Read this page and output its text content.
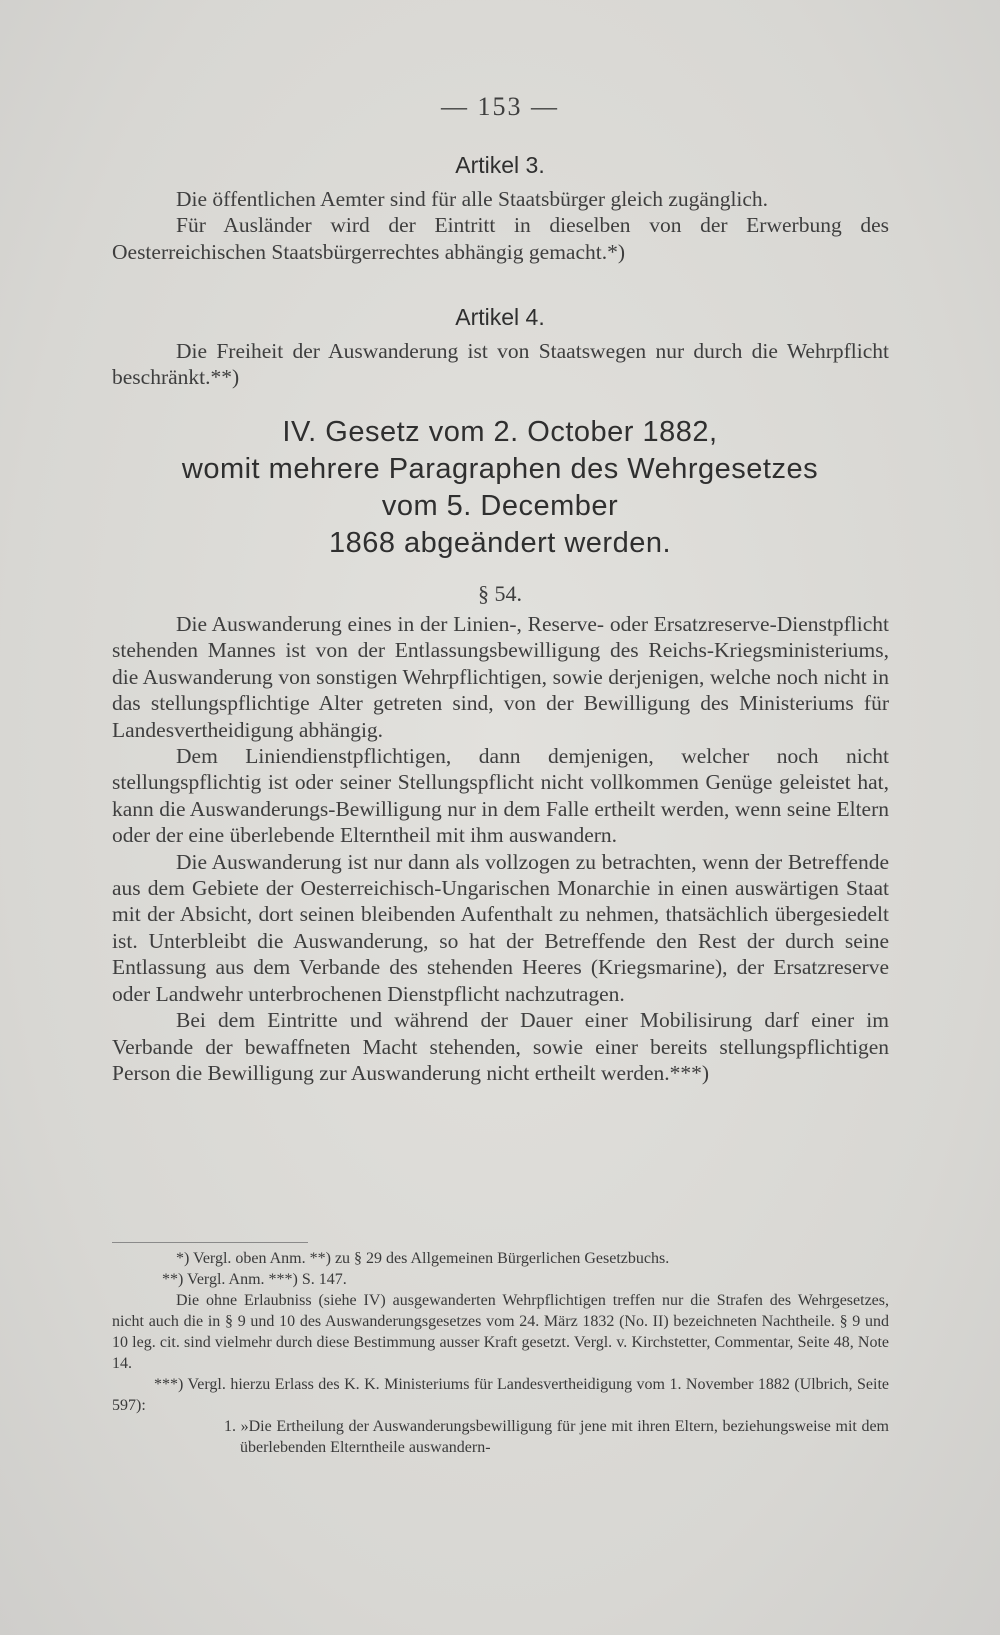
— 153 —
Artikel 3.

Die öffentlichen Aemter sind für alle Staatsbürger gleich zugänglich.

Für Ausländer wird der Eintritt in dieselben von der Erwerbung des Oesterreichischen Staatsbürgerrechtes abhängig gemacht.*)

Artikel 4.

Die Freiheit der Auswanderung ist von Staatswegen nur durch die Wehrpflicht beschränkt.**)

IV. Gesetz vom 2. October 1882,
womit mehrere Paragraphen des Wehrgesetzes
vom 5. December
1868 abgeändert werden.
§ 54.

Die Auswanderung eines in der Linien-, Reserve- oder Ersatzreserve-Dienstpflicht stehenden Mannes ist von der Entlassungsbewilligung des Reichs-Kriegsministeriums, die Auswanderung von sonstigen Wehrpflichtigen, sowie derjenigen, welche noch nicht in das stellungspflichtige Alter getreten sind, von der Bewilligung des Ministeriums für Landesvertheidigung abhängig.

Dem Liniendienstpflichtigen, dann demjenigen, welcher noch nicht stellungspflichtig ist oder seiner Stellungspflicht nicht vollkommen Genüge geleistet hat, kann die Auswanderungs-Bewilligung nur in dem Falle ertheilt werden, wenn seine Eltern oder der eine überlebende Elterntheil mit ihm auswandern.

Die Auswanderung ist nur dann als vollzogen zu betrachten, wenn der Betreffende aus dem Gebiete der Oesterreichisch-Ungarischen Monarchie in einen auswärtigen Staat mit der Absicht, dort seinen bleibenden Aufenthalt zu nehmen, thatsächlich übergesiedelt ist. Unterbleibt die Auswanderung, so hat der Betreffende den Rest der durch seine Entlassung aus dem Verbande des stehenden Heeres (Kriegsmarine), der Ersatzreserve oder Landwehr unterbrochenen Dienstpflicht nachzutragen.

Bei dem Eintritte und während der Dauer einer Mobilisirung darf einer im Verbande der bewaffneten Macht stehenden, sowie einer bereits stellungspflichtigen Person die Bewilligung zur Auswanderung nicht ertheilt werden.***)

*) Vergl. oben Anm. **) zu § 29 des Allgemeinen Bürgerlichen Gesetzbuchs.

**) Vergl. Anm. ***) S. 147.

Die ohne Erlaubniss (siehe IV) ausgewanderten Wehrpflichtigen treffen nur die Strafen des Wehrgesetzes, nicht auch die in § 9 und 10 des Auswanderungsgesetzes vom 24. März 1832 (No. II) bezeichneten Nachtheile. § 9 und 10 leg. cit. sind vielmehr durch diese Bestimmung ausser Kraft gesetzt. Vergl. v. Kirchstetter, Commentar, Seite 48, Note 14.

***) Vergl. hierzu Erlass des K. K. Ministeriums für Landesvertheidigung vom 1. November 1882 (Ulbrich, Seite 597):

1. »Die Ertheilung der Auswanderungsbewilligung für jene mit ihren Eltern, beziehungsweise mit dem überlebenden Elterntheile auswandern-
